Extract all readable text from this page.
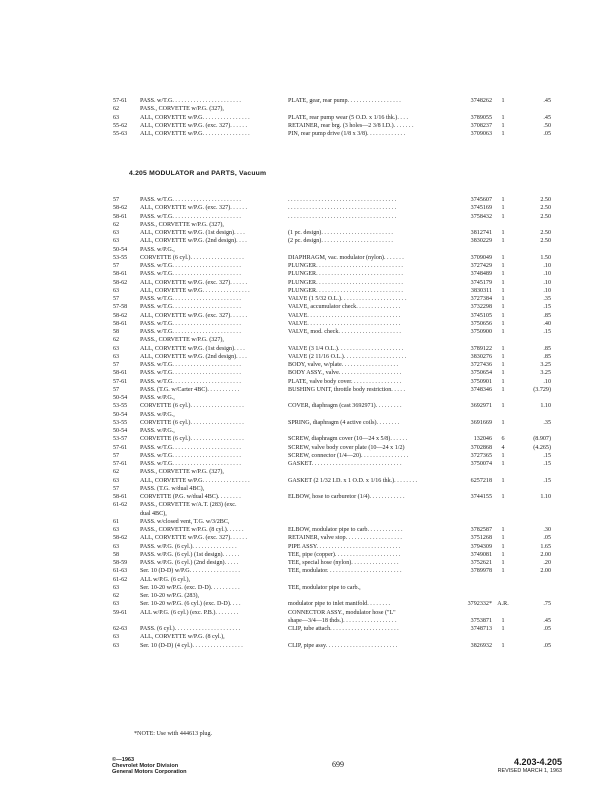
57-61	PASS. w/T.G. . . . . . . . . . . . . . . . . . . . . . .	PLATE, gear, rear pump. . . . . . . . . . . . . . . . . .	3748262	1	.45
62	PASS., CORVETTE w/P.G. (327),
63	ALL, CORVETTE w/P.G. . . . . . . . . . . . . . . .	PLATE, rear pump wear (5 O.D. x 1/16 thk.). . . .	3789055	1	.45
55-62	ALL, CORVETTE w/P.G. (exc. 327). . . . . .	RETAINER, rear brg. (3 holes—2 3/8 I.D.). . . . . . .	3708237	1	.50
55-63	ALL, CORVETTE w/P.G. . . . . . . . . . . . . . . .	PIN, rear pump drive (1/8 x 3/8). . . . . . . . . . . . .	3709063	1	.05
4.205 MODULATOR and PARTS, Vacuum
57	PASS. w/T.G. . . . . . . . . . . . . . . . . . . . . . .	. . . . . . . . . . . . . . . . . . . . . . . . . . . . . . . . . . . .	3745607	1	2.50
58-62	ALL, CORVETTE w/P.G. (exc. 327). . . . . .	. . . . . . . . . . . . . . . . . . . . . . . . . . . . . . . . . . . .	3745169	1	2.50
58-61	PASS. w/T.G. . . . . . . . . . . . . . . . . . . . . . .	. . . . . . . . . . . . . . . . . . . . . . . . . . . . . . . . . . . .	3758432	1	2.50
62	PASS., CORVETTE w/P.G. (327),
63	ALL, CORVETTE w/P.G. (1st design). . . .	(1 pc. design). . . . . . . . . . . . . . . . . . . . . . . .	3812741	1	2.50
63	ALL, CORVETTE w/P.G. (2nd design). . . .	(2 pc. design). . . . . . . . . . . . . . . . . . . . . . . .	3830229	1	2.50
50-54	PASS. w/P.G.,
53-55	CORVETTE (6 cyl.). . . . . . . . . . . . . . . . . .	DIAPHRAGM, vac. modulator (nylon). . . . . . .	3709049	1	1.50
57	PASS. w/T.G. . . . . . . . . . . . . . . . . . . . . . .	PLUNGER. . . . . . . . . . . . . . . . . . . . . . . . . . . . .	3727429	1	.10
58-61	PASS. w/T.G. . . . . . . . . . . . . . . . . . . . . . .	PLUNGER. . . . . . . . . . . . . . . . . . . . . . . . . . . . .	3748489	1	.10
58-62	ALL, CORVETTE w/P.G. (exc. 327). . . . . .	PLUNGER. . . . . . . . . . . . . . . . . . . . . . . . . . . . .	3745179	1	.10
63	ALL, CORVETTE w/P.G. . . . . . . . . . . . . . . .	PLUNGER. . . . . . . . . . . . . . . . . . . . . . . . . . . . .	3830311	1	.10
57	PASS. w/T.G. . . . . . . . . . . . . . . . . . . . . . .	VALVE (1 5/32 O.L.). . . . . . . . . . . . . . . . . . . . . .	3727384	1	.35
57-58	PASS. w/T.G. . . . . . . . . . . . . . . . . . . . . . .	VALVE, accumulator check. . . . . . . . . . . . . . .	3732298	1	.15
58-62	ALL, CORVETTE w/P.G. (exc. 327). . . . . .	VALVE. . . . . . . . . . . . . . . . . . . . . . . . . . . . . . .	3745105	1	.85
58-61	PASS. w/T.G. . . . . . . . . . . . . . . . . . . . . . .	VALVE. . . . . . . . . . . . . . . . . . . . . . . . . . . . . . .	3750656	1	.40
58	PASS. w/T.G. . . . . . . . . . . . . . . . . . . . . . .	VALVE, mod. check. . . . . . . . . . . . . . . . . . . . .	3750900	1	.15
62	PASS., CORVETTE w/P.G. (327),
63	ALL, CORVETTE w/P.G. (1st design). . . .	VALVE (3 1/4 O.L.). . . . . . . . . . . . . . . . . . . . . .	3789122	1	.85
63	ALL, CORVETTE w/P.G. (2nd design). . . .	VALVE (2 11/16 O.L.). . . . . . . . . . . . . . . . . . . . .	3830276	1	.85
57	PASS. w/T.G. . . . . . . . . . . . . . . . . . . . . . .	BODY, valve, w/plate. . . . . . . . . . . . . . . . . . .	3727436	1	3.25
58-61	PASS. w/T.G. . . . . . . . . . . . . . . . . . . . . . .	BODY ASSY., valve. . . . . . . . . . . . . . . . . . . . .	3750654	1	3.25
57-61	PASS. w/T.G. . . . . . . . . . . . . . . . . . . . . . .	PLATE, valve body cover. . . . . . . . . . . . . . . . .	3750901	1	.10
57	PASS. (T.G. w/Carter 4BC). . . . . . . . . . .	BUSHING UNIT, throttle body restriction. . . . .	3748346	1	(3.729)
50-54	PASS. w/P.G.,
53-55	CORVETTE (6 cyl.). . . . . . . . . . . . . . . . . .	COVER, diaphragm (cast 3692971). . . . . . . . .	3692971	1	1.10
50-54	PASS. w/P.G.,
53-55	CORVETTE (6 cyl.). . . . . . . . . . . . . . . . . .	SPRING, diaphragm (4 active coils). . . . . . . .	3691669	1	.35
50-54	PASS. w/P.G.,
53-57	CORVETTE (6 cyl.). . . . . . . . . . . . . . . . . .	SCREW, diaphragm cover (10—24 x 5/8). . . . . .	132046	6	(8.907)
57-61	PASS. w/T.G. . . . . . . . . . . . . . . . . . . . . . .	SCREW, valve body cover plate (10—24 x 1/2)	3702868	4	(4.265)
57	PASS. w/T.G. . . . . . . . . . . . . . . . . . . . . . .	SCREW, connector (1/4—20). . . . . . . . . . . . . . . .	3727365	1	.15
57-61	PASS. w/T.G. . . . . . . . . . . . . . . . . . . . . . .	GASKET. . . . . . . . . . . . . . . . . . . . . . . . . . . . . .	3750074	1	.15
62	PASS., CORVETTE w/P.G. (327),
63	ALL, CORVETTE w/P.G. . . . . . . . . . . . . . . .	GASKET (2 1/32 I.D. x 1 O.D. x 1/16 thk.). . . . . . . .	6257218	1	.15
57	PASS. (T.G. w/dual 4BC),
58-61	CORVETTE (P.G. w/dual 4BC). . . . . . . .	ELBOW, hose to carburetor (1/4). . . . . . . . . . . .	3744155	1	1.10
61-62	PASS., CORVETTE w/A.T. (283) (exc.
dual 4BC),
61	PASS. w/closed vent, T.G. w/3/2BC,
63	PASS., CORVETTE w/P.G. (8 cyl.). . . . . .	ELBOW, modulator pipe to carb. . . . . . . . . . . .	3782587	1	.30
58-62	ALL, CORVETTE w/P.G. (exc. 327). . . . . .	RETAINER, valve stop. . . . . . . . . . . . . . . . . . .	3751268	1	.05
63	PASS. w/P.G. (6 cyl.). . . . . . . . . . . . . . .	PIPE ASSY. . . . . . . . . . . . . . . . . . . . . . . . . . . .	3794309	1	1.65
58	PASS. w/P.G. (6 cyl.) (1st design). . . . . .	TEE, pipe (copper). . . . . . . . . . . . . . . . . . . . . .	3749081	1	2.00
58-59	PASS. w/P.G. (6 cyl.) (2nd design). . . . .	TEE, special hose (nylon). . . . . . . . . . . . . . . .	3752621	1	.20
61-63	Ser. 10 (D-D) w/P.G. . . . . . . . . . . . . . . . .	TEE, modulator. . . . . . . . . . . . . . . . . . . . . . . . .	3789978	1	2.00
61-62	ALL w/P.G. (6 cyl.),
63	Ser. 10-20 w/P.G. (exc. D-D). . . . . . . . . .	TEE, modulator pipe to carb.,
62	Ser. 10-20 w/P.G. (283),
63	Ser. 10-20 w/P.G. (6 cyl.) (exc. D-D). . . .	modulator pipe to inlet manifold. . . . . . . .	3792332* A.R.	.75
59-61	ALL w/P.G. (6 cyl.) (exc. P.B.). . . . . . . .	CONNECTOR ASSY., modulator hose ("L"
shape—3/4—18 thds.). . . . . . . . . . . . . . . . . .	3753871	1	.45
62-63	PASS. (6 cyl.). . . . . . . . . . . . . . . . . . . . . .	CLIP, tube attach. . . . . . . . . . . . . . . . . . . . . . .	3748713	1	.05
63	ALL, CORVETTE w/P.G. (8 cyl.),
63	Ser. 10 (D-D) (4 cyl.). . . . . . . . . . . . . . . . .	CLIP, pipe assy. . . . . . . . . . . . . . . . . . . . . . . .	3826932	1	.05
*NOTE: Use with 444613 plug.
©—1963
Chevrolet Motor Division
General Motors Corporation
699	4.203-4.205
REVISED MARCH 1, 1963
